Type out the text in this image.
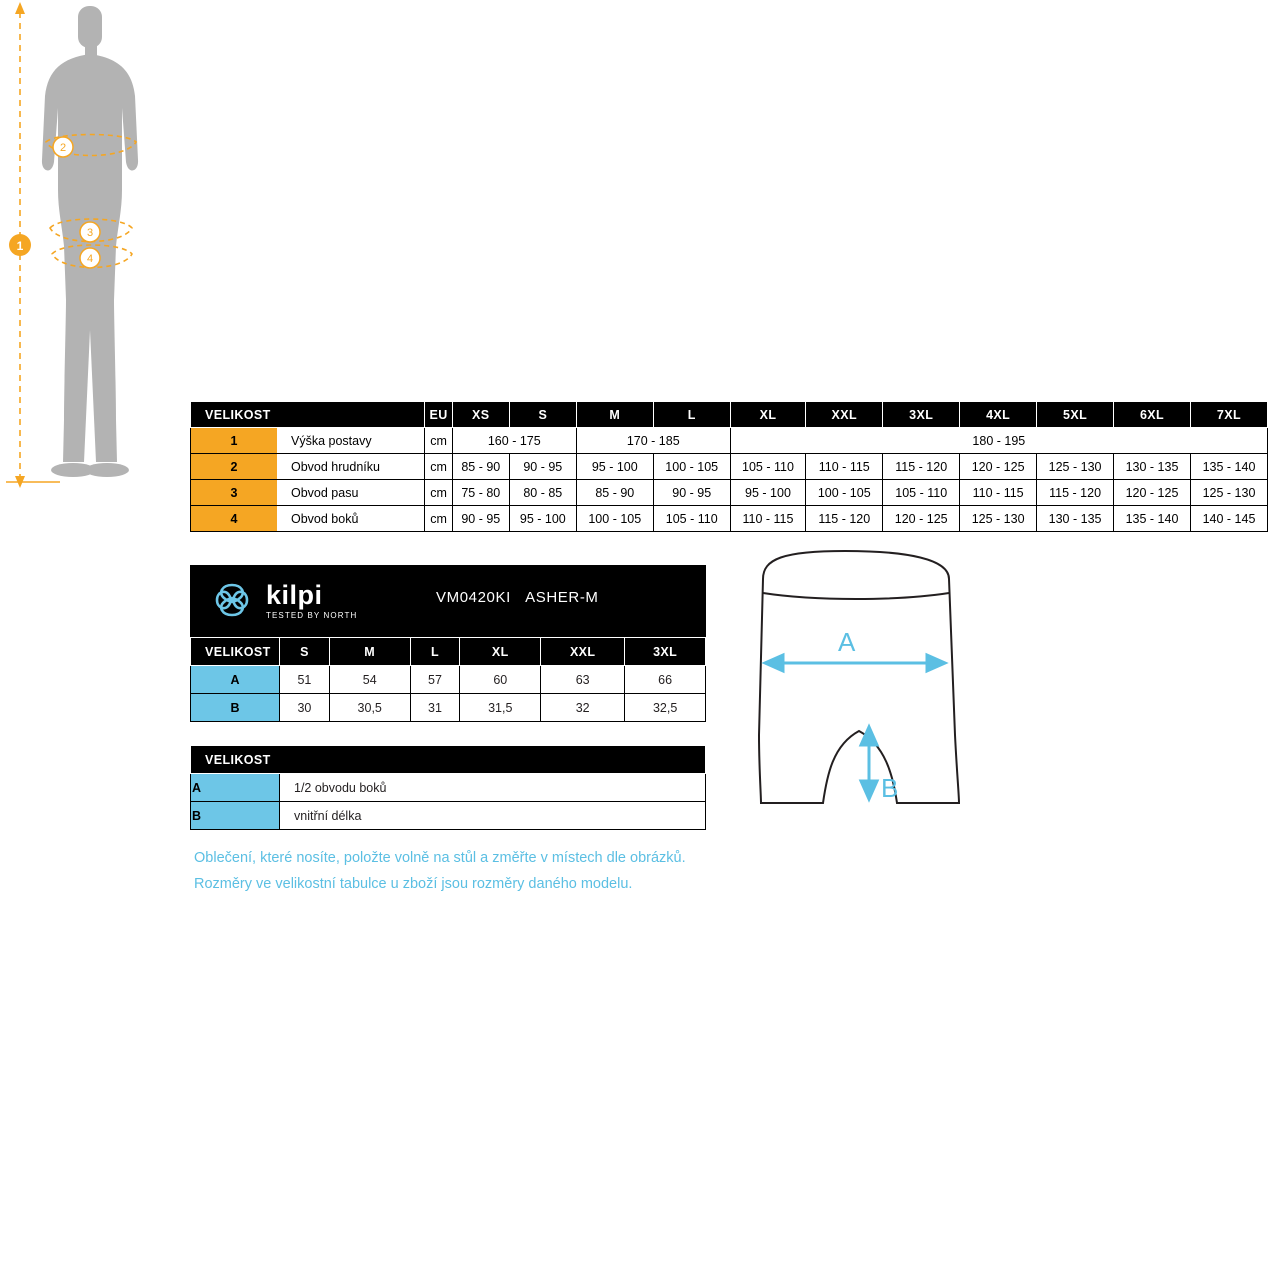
1
2
3
4
VELIKOST		EU	XS	S	M	L	XL	XXL	3XL	4XL	5XL	6XL	7XL
1	Výška postavy	cm	160 - 175		170 - 185		180 - 195						
2	Obvod hrudníku	cm	85 - 90	90 - 95	95 - 100	100 - 105	105 - 110	110 - 115	115 - 120	120 - 125	125 - 130	130 - 135	135 - 140
3	Obvod pasu	cm	75 - 80	80 - 85	85 - 90	90 - 95	95 - 100	100 - 105	105 - 110	110 - 115	115 - 120	120 - 125	125 - 130
4	Obvod boků	cm	90 - 95	95 - 100	100 - 105	105 - 110	110 - 115	115 - 120	120 - 125	125 - 130	130 - 135	135 - 140	140 - 145
kilpi
TESTED BY NORTH
VM0420KI ASHER-M
VELIKOST	S	M	L	XL	XXL	3XL
A	51	54	57	60	63	66
B	30	30,5	31	31,5	32	32,5
VELIKOST	
A	1/2 obvodu boků
B	vnitřní délka
Oblečení, které nosíte, položte volně na stůl a změřte v místech dle obrázků.
Rozměry ve velikostní tabulce u zboží jsou rozměry daného modelu.
A
B
